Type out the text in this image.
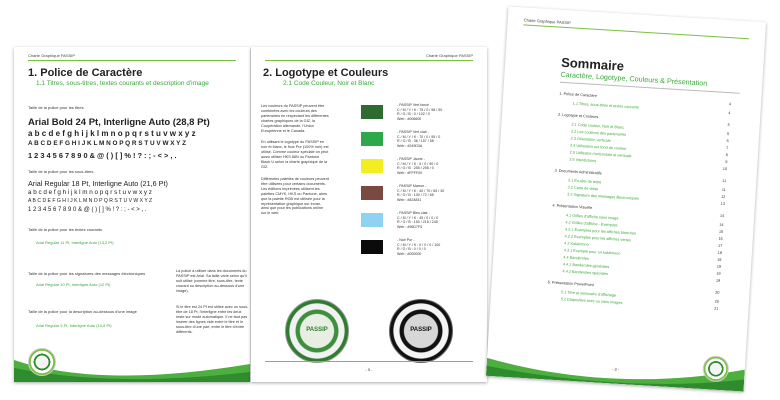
Charte Graphique PASSIP
1. Police de Caractère
1.1 Titres, sous-titres, textes courants et description d'image
Taille de la police pour les titres
Arial Bold 24 Pt, Interligne Auto (28,8 Pt)
a b c d e f g h i j k l m n o p q r s t u v w x y z
A B C D E F G H I J K L M N O P Q R S T U V W X Y Z
1 2 3 4 5 6 7 8 9 0 & @ ( ) [ ] % ! ? : ; - < > , .
Taille de la police pour les sous-titres
Arial Regular 18 Pt, Interligne Auto (21,6 Pt)
a b c d e f g h i j k l m n o p q r s t u v w x y z
A B C D E F G H I J K L M N O P Q R S T U V W X Y Z
1 2 3 4 5 6 7 8 9 0 & @ ( ) [ ] % ! ? : ; - < > , .
Taille de la police pour les textes courants
Arial Regular 11 Pt, Interligne Auto (13,2 Pt)
Taille de la police pour les signatures des messages électroniques
Arial Regular 10 Pt, Interligne Auto (12 Pt)
Taille de la police pour la description au-dessous d'une image
Arial Regular 9 Pt, Interligne Auto (10,8 Pt)
La police à utiliser dans les documents du PASSIP est Arial. Sa taille varie selon qu'il soit utilisé (comme titre, sous-titre, texte courant ou description au-dessous d'une image).
Si le titre est 24 Pt est utilisé avec un sous-titre de 18 Pt, l'interligne entre les deux reste sur mode automatique. Il ne faut pas insérer des lignes vide entre le titre et le sous-titre d'une part, entre le titre d'entre différents.
- 4 -
Charte Graphique PASSIP
2. Logotype et Couleurs
2.1 Code Couleur, Noir et Blanc
Les couleurs du PASSIP peuvent être combinées avec les couleurs des partenaires en respectant les différentes chartes graphiques de la GIZ, la Coopération allemande, l'Union Européenne et le Canada.
En utilisant le logotype du PASSIP en noir et blanc, le Noir Pur (100% noir) est utilisé. Comme couleur spéciale on peut aussi utiliser HKS 88N ou Pantone Black U selon la charte graphique de la GIZ.
Différentes palettes de couleurs peuvent être utilisées pour certains documents. Les éditions imprimées utilisent les palettes CMYK, HKS ou Pantone, alors que la palette RGB est utilisée pour la représentation graphique sur écran, ainsi que pour les publications online sur le web.
PASSIP	PASSIP
- 5 -
- PASSIP Vert foncé -
C / M / Y / K : 75 / 0 / 98 / 50
R / G / B : 0 / 102 / 0
Web : #006600
- PASSIP Vert clair -
C / M / Y / K : 70 / 0 / 95 / 0
R / G / B : 36 / 157 / 58
Web : #249D3A
- PASSIP Jaune -
C / M / Y / K : 5 / 0 / 90 / 0
R / G / B : 255 / 255 / 0
Web : #FFFF00
- PASSIP Marron -
C / M / Y / K : 40 / 70 / 65 / 30
R / G / B : 130 / 72 / 65
Web : #824841
- PASSIP Bleu clair -
C / M / Y / K : 45 / 0 / 0 / 0
R / G / B : 150 / 215 / 245
Web : #96D7F5
- Noir Pur -
C / M / Y / K : 0 / 0 / 0 / 100
R / G / B : 0 / 0 / 0
Web : #000000
Charte Graphique PASSIP
Sommaire
Caractère, Logotype, Couleurs & Présentation
- 3 -
1. Police de Caractère
4
1.1 Titres, sous-titres et textes courants
4
2. Logotype et Couleurs
5
2.1 Code couleur, Noir et Blanc
5
2.2 Les couleurs des partenaires
6
2.3 Orientation verticale
7
2.4 Utilisation sur fond de couleur
8
2.5 Utilisation horizontale et verticale
9
2.6 Interdictions
10
3. Documents Administratifs
11
3.1 En-tête de lettre
11
3.2 Carte de visite
12
3.3 Signature des messages électroniques
13
4. Présentation Visuelle
14
4.1 Grilles d'affiche sans image
14
4.2 Grilles d'affiche - Exemples
15
4.2.1 Exemples pour les affiches blanches
16
4.2.2 Exemples pour les affiches vertes
17
4.3 Kakémono
18
4.3.1 Exemple pour un kakémono
18
4.4 Banderoles
19
4.4.1 Banderoles générales
19
4.4.2 Banderoles spéciales
19
5. Présentation PowerPoint
20
5.1 Titre et sommaire d'affichage
20
5.2 Diapositive avec ou sans images
21
